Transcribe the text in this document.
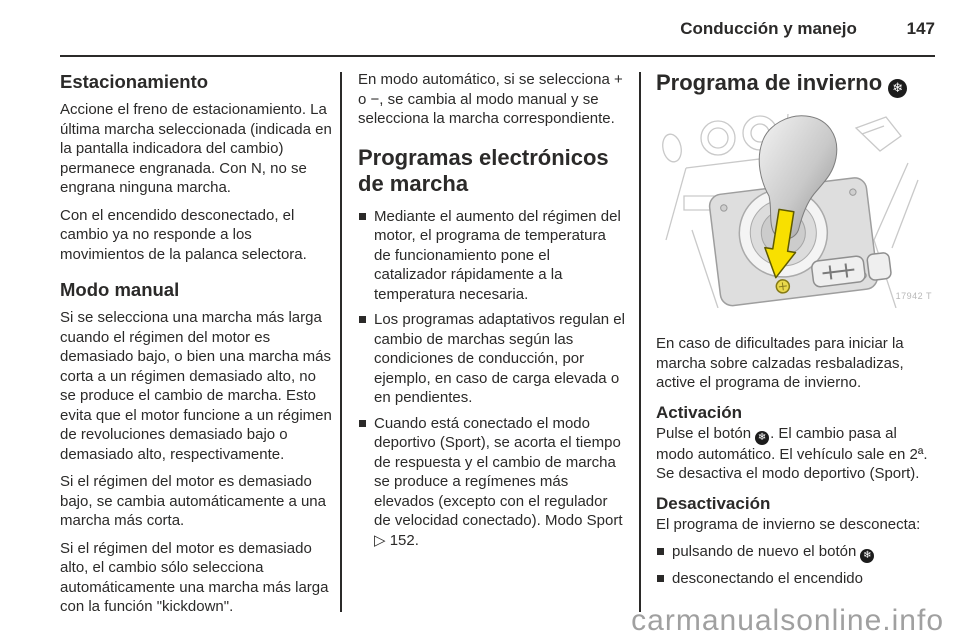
Conducción y manejo	147
Estacionamiento

Accione el freno de estacionamiento. La última marcha seleccionada (indicada en la pantalla indicadora del cambio) permanece engranada. Con N, no se engrana ninguna marcha.

Con el encendido desconectado, el cambio ya no responde a los movimientos de la palanca selectora.

Modo manual

Si se selecciona una marcha más larga cuando el régimen del motor es demasiado bajo, o bien una marcha más corta a un régimen demasiado alto, no se produce el cambio de marcha. Esto evita que el motor funcione a un régimen de revoluciones demasiado bajo o demasiado alto, respectivamente.

Si el régimen del motor es demasiado bajo, se cambia automáticamente a una marcha más corta.

Si el régimen del motor es demasiado alto, el cambio sólo selecciona automáticamente una marcha más larga con la función "kickdown".

En modo automático, si se selecciona + o −, se cambia al modo manual y se selecciona la marcha correspondiente.

Programas electrónicos de marcha
Mediante el aumento del régimen del motor, el programa de temperatura de funcionamiento pone el catalizador rápidamente a la temperatura necesaria.
Los programas adaptativos regulan el cambio de marchas según las condiciones de conducción, por ejemplo, en caso de carga elevada o en pendientes.
Cuando está conectado el modo deportivo (Sport), se acorta el tiempo de respuesta y el cambio de marcha se produce a regímenes más elevados (excepto con el regulador de velocidad conectado). Modo Sport ▷ 152.
Programa de invierno ❄
17942 T

En caso de dificultades para iniciar la marcha sobre calzadas resbaladizas, active el programa de invierno.

Activación

Pulse el botón ❄ . El cambio pasa al modo automático. El vehículo sale en 2ª. Se desactiva el modo deportivo (Sport).

Desactivación

El programa de invierno se desconecta:

pulsando de nuevo el botón ❄
desconectando el encendido
carmanualsonline.info
